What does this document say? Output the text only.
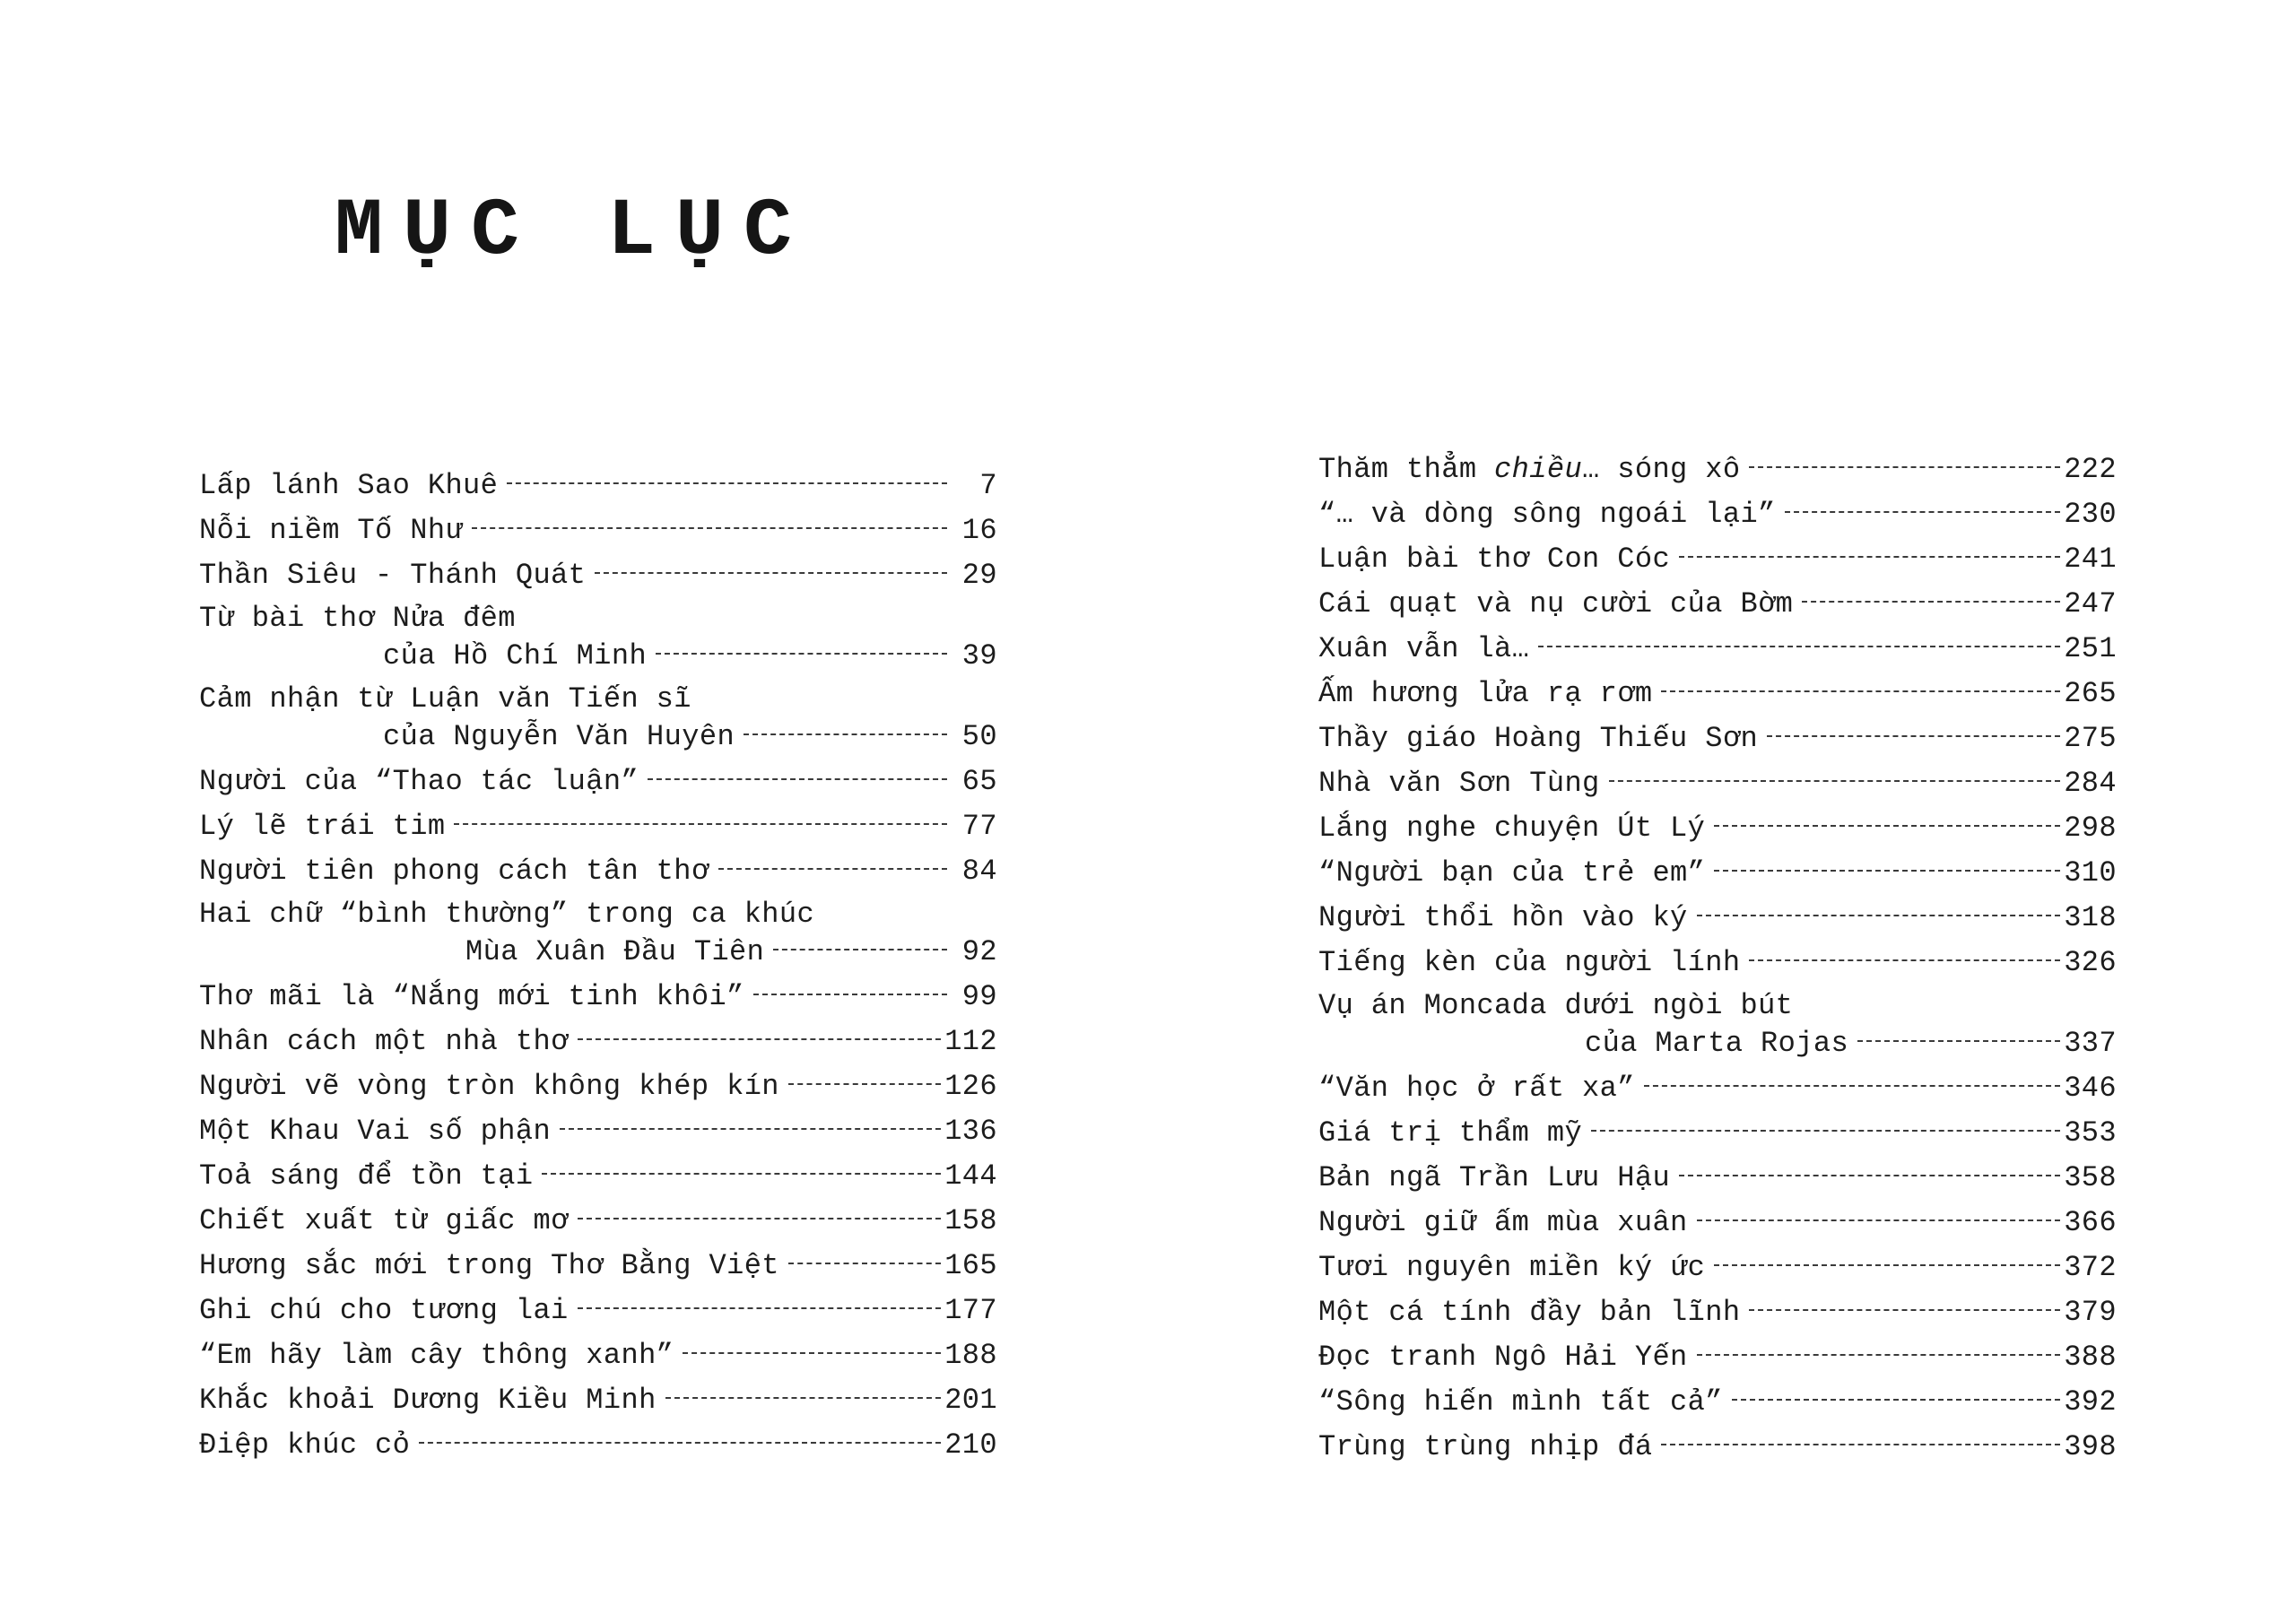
MỤC LỤC
Lấp lánh Sao Khuê	7
Nỗi niềm Tố Như	16
Thần Siêu - Thánh Quát	29
Từ bài thơ Nửa đêm
của Hồ Chí Minh	39
Cảm nhận từ Luận văn Tiến sĩ
của Nguyễn Văn Huyên	50
Người của “Thao tác luận”	65
Lý lẽ trái tim	77
Người tiên phong cách tân thơ	84
Hai chữ “bình thường” trong ca khúc
Mùa Xuân Đầu Tiên	92
Thơ mãi là “Nắng mới tinh khôi”	99
Nhân cách một nhà thơ	112
Người vẽ vòng tròn không khép kín	126
Một Khau Vai số phận	136
Toả sáng để tồn tại	144
Chiết xuất từ giấc mơ	158
Hương sắc mới trong Thơ Bằng Việt	165
Ghi chú cho tương lai	177
“Em hãy làm cây thông xanh”	188
Khắc khoải Dương Kiều Minh	201
Điệp khúc cỏ	210
Thăm thẳm chiều… sóng xô	222
“… và dòng sông ngoái lại”	230
Luận bài thơ Con Cóc	241
Cái quạt và nụ cười của Bờm	247
Xuân vẫn là…	251
Ấm hương lửa rạ rơm	265
Thầy giáo Hoàng Thiếu Sơn	275
Nhà văn Sơn Tùng	284
Lắng nghe chuyện Út Lý	298
“Người bạn của trẻ em”	310
Người thổi hồn vào ký	318
Tiếng kèn của người lính	326
Vụ án Moncada dưới ngòi bút
của Marta Rojas	337
“Văn học ở rất xa”	346
Giá trị thẩm mỹ	353
Bản ngã Trần Lưu Hậu	358
Người giữ ấm mùa xuân	366
Tươi nguyên miền ký ức	372
Một cá tính đầy bản lĩnh	379
Đọc tranh Ngô Hải Yến	388
“Sông hiến mình tất cả”	392
Trùng trùng nhịp đá	398
